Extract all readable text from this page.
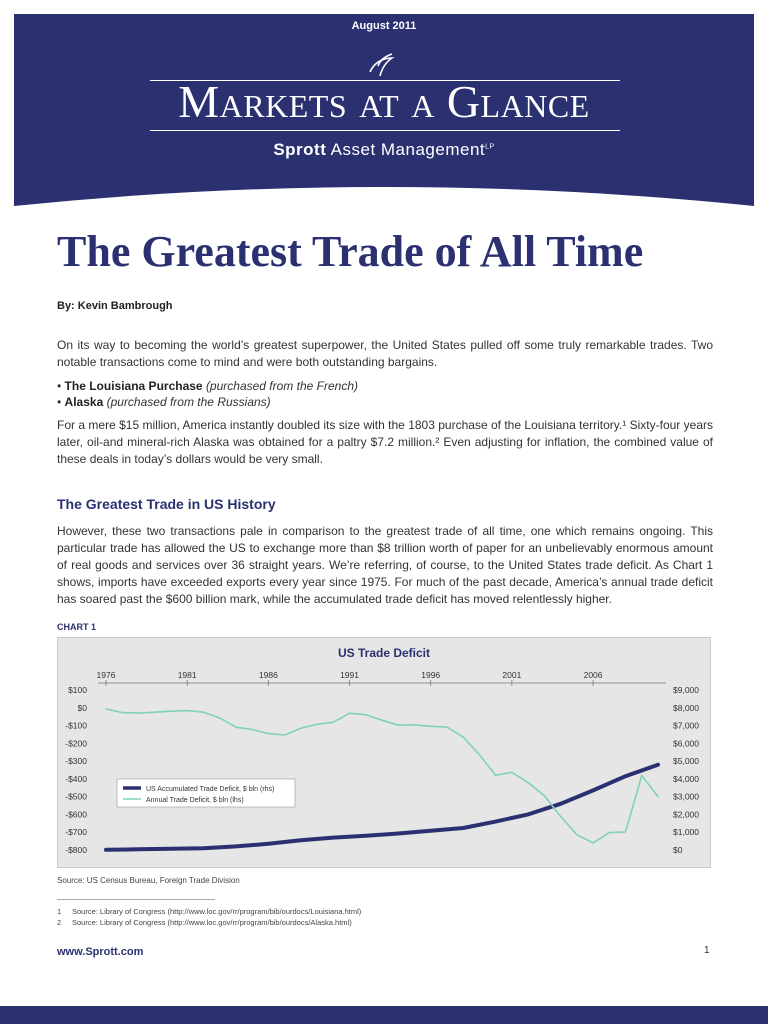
August 2011
Markets at a Glance
Sprott Asset Management$^{LP}$
The Greatest Trade of All Time
By: Kevin Bambrough
On its way to becoming the world’s greatest superpower, the United States pulled off some truly remarkable trades. Two notable transactions come to mind and were both outstanding bargains.
• The Louisiana Purchase (purchased from the French)
• Alaska (purchased from the Russians)
For a mere $15 million, America instantly doubled its size with the 1803 purchase of the Louisiana territory.¹ Sixty-four years later, oil-and mineral-rich Alaska was obtained for a paltry $7.2 million.² Even adjusting for inflation, the combined value of these deals in today’s dollars would be very small.
The Greatest Trade in US History
However, these two transactions pale in comparison to the greatest trade of all time, one which remains ongoing. This particular trade has allowed the US to exchange more than $8 trillion worth of paper for an unbelievably enormous amount of real goods and services over 36 straight years. We’re referring, of course, to the United States trade deficit. As Chart 1 shows, imports have exceeded exports every year since 1975. For much of the past decade, America’s annual trade deficit has soared past the $600 billion mark, while the accumulated trade deficit has moved relentlessly higher.
CHART 1
US Trade Deficit
1976	1981	1986	1991	1996	2001	2006
$100
$0
-$100
-$200
-$300
-$400
-$500
-$600
-$700
-$800
$9,000
$8,000
$7,000
$6,000
$5,000
$4,000
$3,000
$2,000
$1,000
$0
US Accumulated Trade Deficit, $ bln (rhs)
Annual Trade Deficit, $ bln (lhs)
Source: US Census Bureau, Foreign Trade Division
1 Source: Library of Congress (http://www.loc.gov/rr/program/bib/ourdocs/Louisiana.html)
2 Source: Library of Congress (http://www.loc.gov/rr/program/bib/ourdocs/Alaska.html)
www.Sprott.com	1
